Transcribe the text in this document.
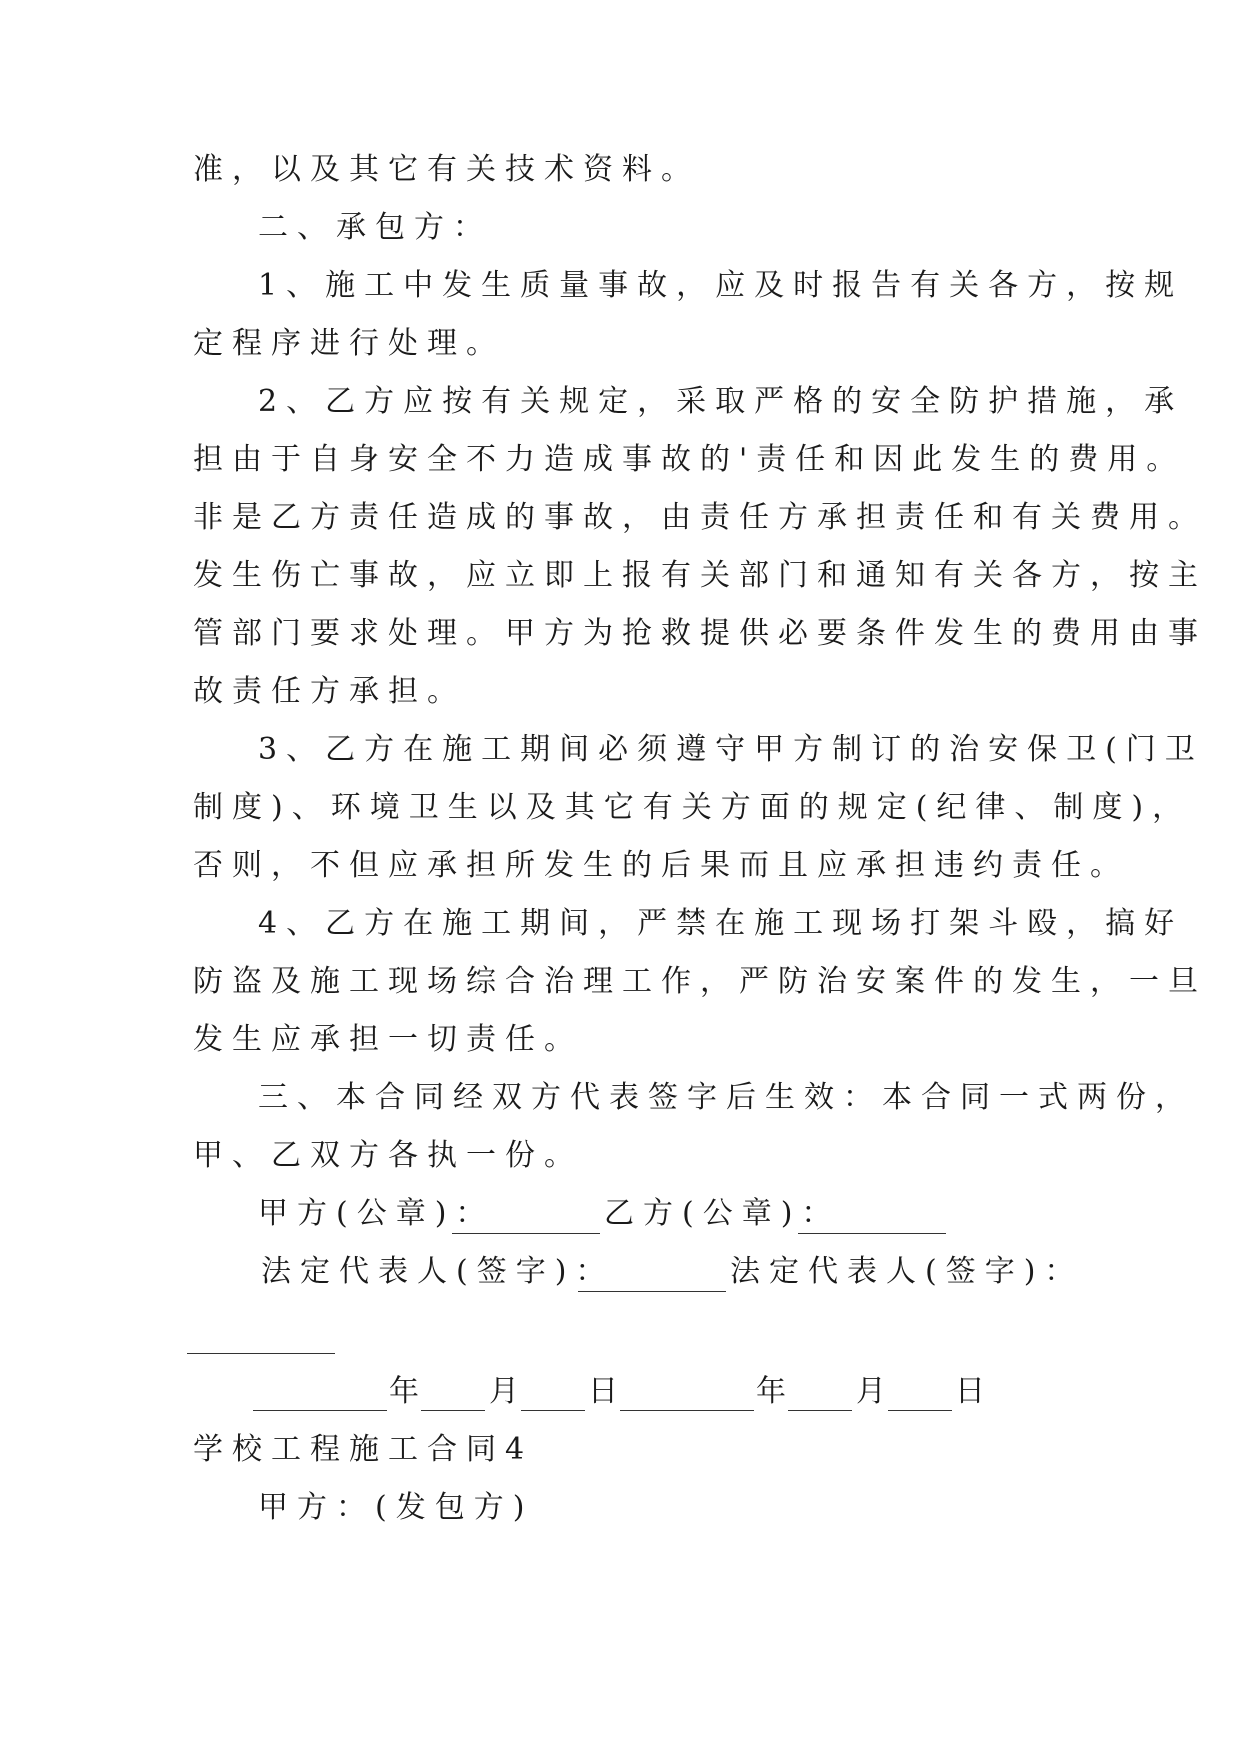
准，以及其它有关技术资料。
二、承包方：
1、施工中发生质量事故，应及时报告有关各方，按规
定程序进行处理。
2、乙方应按有关规定，采取严格的安全防护措施，承
担由于自身安全不力造成事故的'责任和因此发生的费用。
非是乙方责任造成的事故，由责任方承担责任和有关费用。
发生伤亡事故，应立即上报有关部门和通知有关各方，按主
管部门要求处理。甲方为抢救提供必要条件发生的费用由事
故责任方承担。
3、乙方在施工期间必须遵守甲方制订的治安保卫(门卫
制度)、环境卫生以及其它有关方面的规定(纪律、制度)，
否则，不但应承担所发生的后果而且应承担违约责任。
4、乙方在施工期间，严禁在施工现场打架斗殴，搞好
防盗及施工现场综合治理工作，严防治安案件的发生，一旦
发生应承担一切责任。
三、本合同经双方代表签字后生效：本合同一式两份，
甲、乙双方各执一份。
甲方(公章)：	乙方(公章)：
法定代表人(签字)：	法定代表人(签字)：
年 月 日	年 月 日
学校工程施工合同4
甲方：(发包方)
